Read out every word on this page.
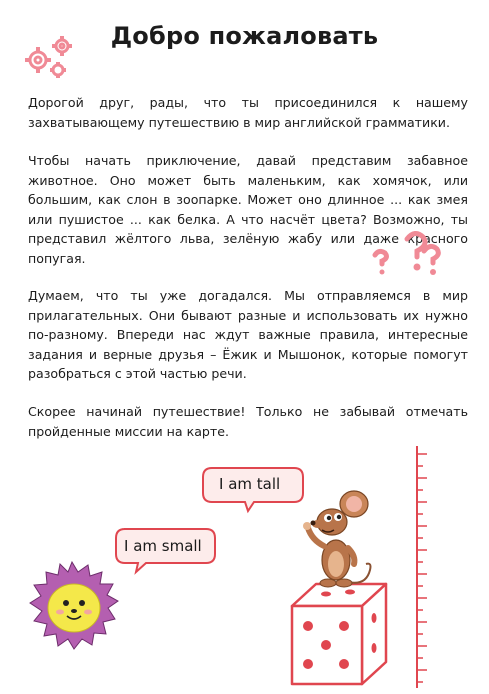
Добро пожаловать

Дорогой друг, рады, что ты присоединился к нашему захватывающему путешествию в мир английской грамматики.

Чтобы начать приключение, давай представим забавное животное. Оно может быть маленьким, как хомячок, или большим, как слон в зоопарке. Может оно длинное ... как змея или пушистое ... как белка. А что насчёт цвета? Возможно, ты представил жёлтого льва, зелёную жабу или даже красного попугая.

Думаем, что ты уже догадался. Мы отправляемся в мир прилагательных. Они бывают разные и использовать их нужно по-разному. Впереди нас ждут важные правила, интересные задания и верные друзья – Ёжик и Мышонок, которые помогут разобраться с этой частью речи.

Скорее начинай путешествие! Только не забывай отмечать пройденные миссии на карте.

I am tall
I am small
